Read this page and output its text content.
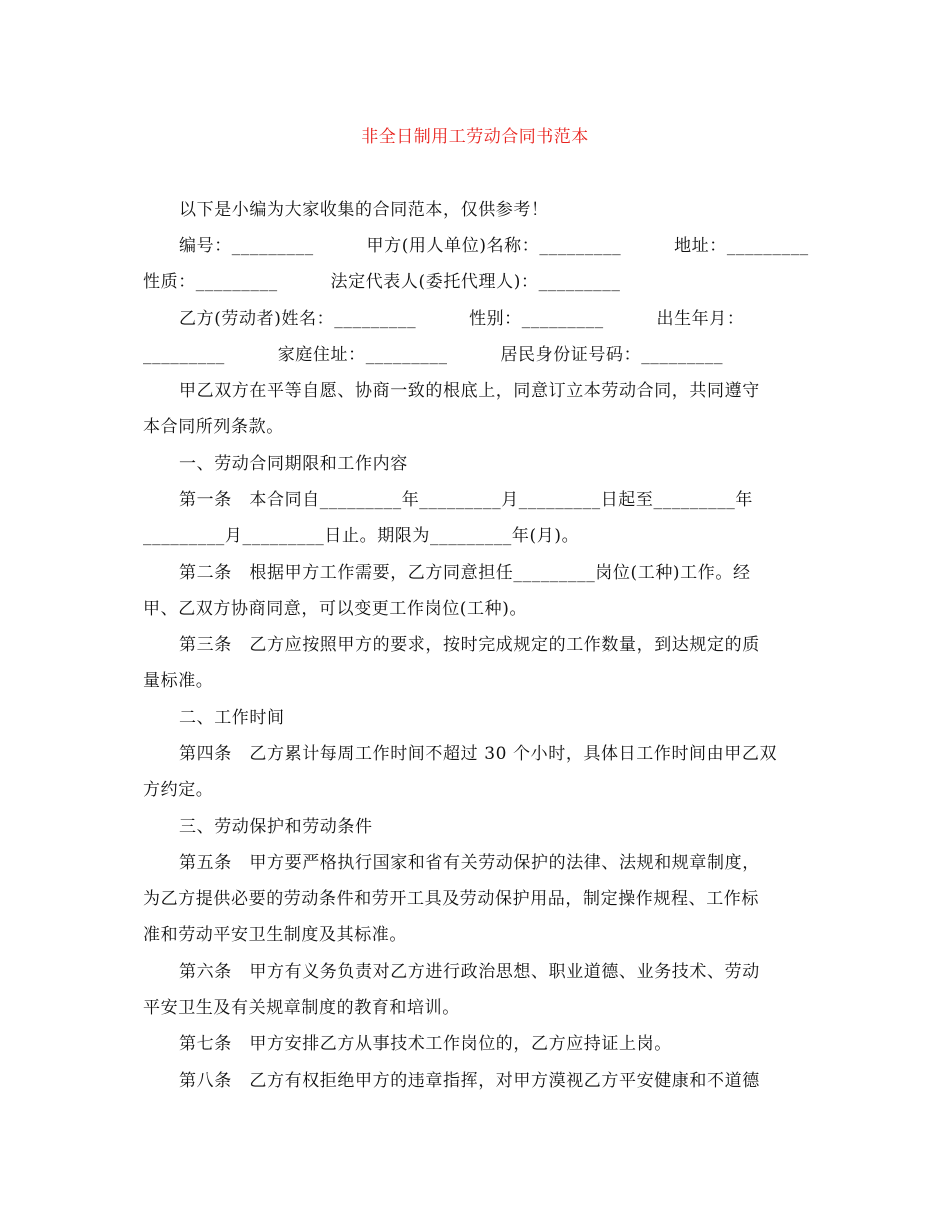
非全日制用工劳动合同书范本
以下是小编为大家收集的合同范本，仅供参考！
编号：_________　　　甲方(用人单位)名称：_________　　　地址：_________
性质：_________　　　法定代表人(委托代理人)：_________
乙方(劳动者)姓名：_________　　　性别：_________　　　出生年月：
_________　　　家庭住址：_________　　　居民身份证号码：_________
甲乙双方在平等自愿、协商一致的根底上，同意订立本劳动合同，共同遵守
本合同所列条款。
一、劳动合同期限和工作内容
第一条　本合同自_________年_________月_________日起至_________年
_________月_________日止。期限为_________年(月)。
第二条　根据甲方工作需要，乙方同意担任_________岗位(工种)工作。经
甲、乙双方协商同意，可以变更工作岗位(工种)。
第三条　乙方应按照甲方的要求，按时完成规定的工作数量，到达规定的质
量标准。
二、工作时间
第四条　乙方累计每周工作时间不超过 30 个小时，具体日工作时间由甲乙双
方约定。
三、劳动保护和劳动条件
第五条　甲方要严格执行国家和省有关劳动保护的法律、法规和规章制度，
为乙方提供必要的劳动条件和劳开工具及劳动保护用品，制定操作规程、工作标
准和劳动平安卫生制度及其标准。
第六条　甲方有义务负责对乙方进行政治思想、职业道德、业务技术、劳动
平安卫生及有关规章制度的教育和培训。
第七条　甲方安排乙方从事技术工作岗位的，乙方应持证上岗。
第八条　乙方有权拒绝甲方的违章指挥，对甲方漠视乙方平安健康和不道德
